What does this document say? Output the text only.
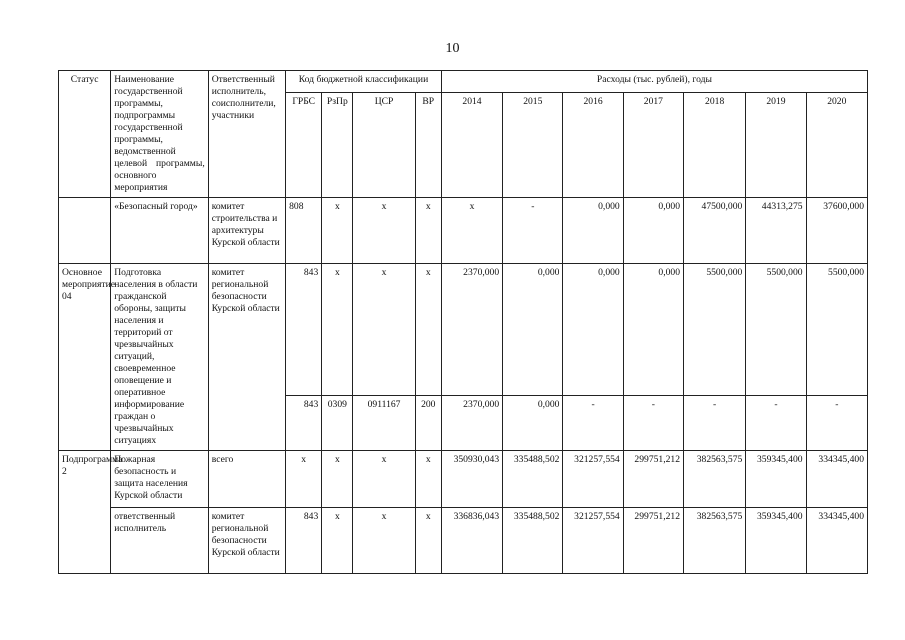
10
Статус	Наименование государственной программы, подпрограммы государственной программы, ведомственной целевой программы, основного мероприятия	Ответственный исполнитель, соисполнители, участники	Код бюджетной классификации				Расходы (тыс. рублей), годы						
			ГРБС	РзПр	ЦСР	ВР	2014	2015	2016	2017	2018	2019	2020
	«Безопасный город»	комитет строительства и архитектуры Курской области	808	х	х	х	х	-	0,000	0,000	47500,000	44313,275	37600,000
Основное мероприятие 04	Подготовка населения в области гражданской обороны, защиты населения и территорий от чрезвычайных ситуаций, своевременное оповещение и оперативное информирование граждан о чрезвычайных ситуациях	комитет региональной безопасности Курской области	843	х	х	х	2370,000	0,000	0,000	0,000	5500,000	5500,000	5500,000
			843	0309	0911167	200	2370,000	0,000	-	-	-	-	-
Подпрограмма 2	Пожарная безопасность и защита населения Курской области	всего	х	х	х	х	350930,043	335488,502	321257,554	299751,212	382563,575	359345,400	334345,400
	ответственный исполнитель	комитет региональной безопасности Курской области	843	х	х	х	336836,043	335488,502	321257,554	299751,212	382563,575	359345,400	334345,400
